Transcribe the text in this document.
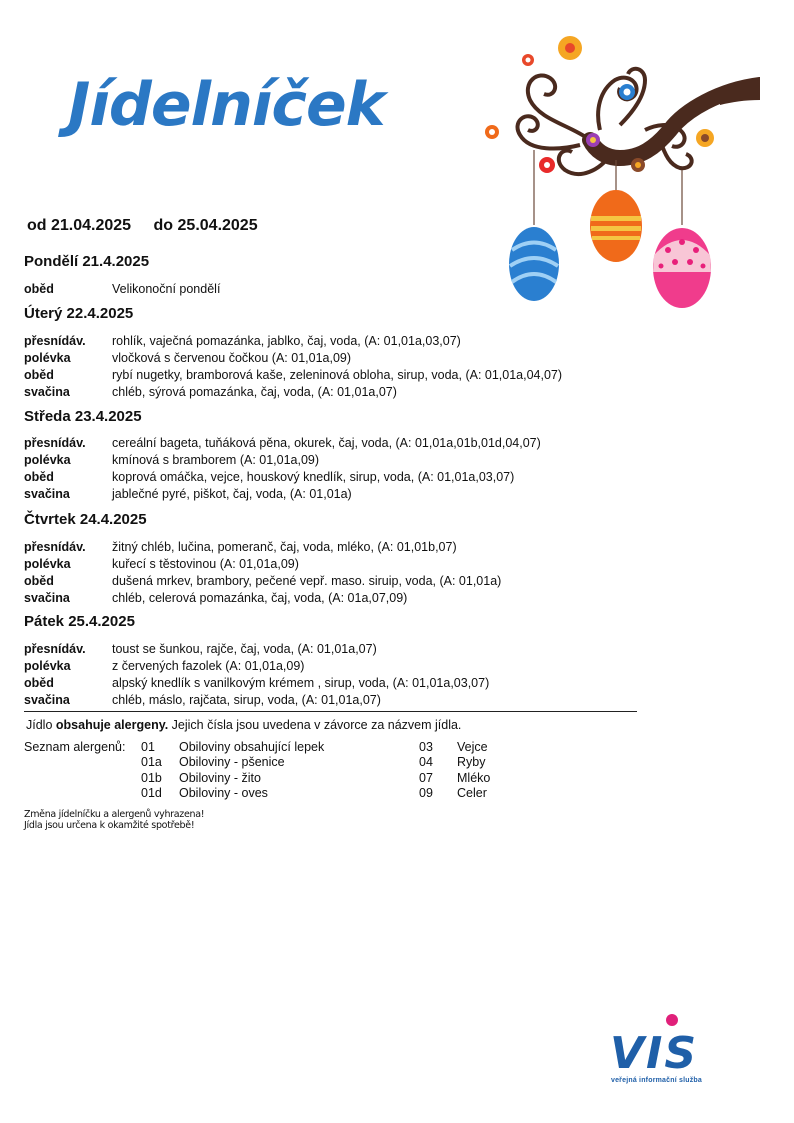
Jídelníček
od 21.04.2025 do 25.04.2025
Pondělí 21.4.2025
oběd	Velikonoční pondělí
Úterý 22.4.2025
přesnídáv. rohlík, vaječná pomazánka, jablko, čaj, voda, (A: 01,01a,03,07)
polévka	vločková s červenou čočkou (A: 01,01a,09)
oběd	rybí nugetky, bramborová kaše, zeleninová obloha, sirup, voda, (A: 01,01a,04,07)
svačina	chléb, sýrová pomazánka, čaj, voda, (A: 01,01a,07)
Středa 23.4.2025
přesnídáv. cereální bageta, tuňáková pěna, okurek, čaj, voda, (A: 01,01a,01b,01d,04,07)
polévka	kmínová s bramborem (A: 01,01a,09)
oběd	koprová omáčka, vejce, houskový knedlík, sirup, voda, (A: 01,01a,03,07)
svačina	jablečné pyré, piškot, čaj, voda, (A: 01,01a)
Čtvrtek 24.4.2025
přesnídáv. žitný chléb, lučina, pomeranč, čaj, voda, mléko, (A: 01,01b,07)
polévka	kuřecí s těstovinou (A: 01,01a,09)
oběd	dušená mrkev, brambory, pečené vepř. maso. siruip, voda, (A: 01,01a)
svačina	chléb, celerová pomazánka, čaj, voda, (A: 01a,07,09)
Pátek 25.4.2025
přesnídáv. toust se šunkou, rajče, čaj, voda, (A: 01,01a,07)
polévka	z červených fazolek (A: 01,01a,09)
oběd	alpský knedlík s vanilkovým krémem , sirup, voda, (A: 01,01a,03,07)
svačina	chléb, máslo, rajčata, sirup, voda, (A: 01,01a,07)
Jídlo obsahuje alergeny. Jejich čísla jsou uvedena v závorce za názvem jídla.
Seznam alergenů: 01 Obiloviny obsahující lepek
01a Obiloviny - pšenice
01b Obiloviny - žito
01d Obiloviny - oves
03 Vejce
04 Ryby
07 Mléko
09 Celer
Změna jídelníčku a alergenů vyhrazena!
Jídla jsou určena k okamžité spotřebě!
VIS
veřejná informační služba
